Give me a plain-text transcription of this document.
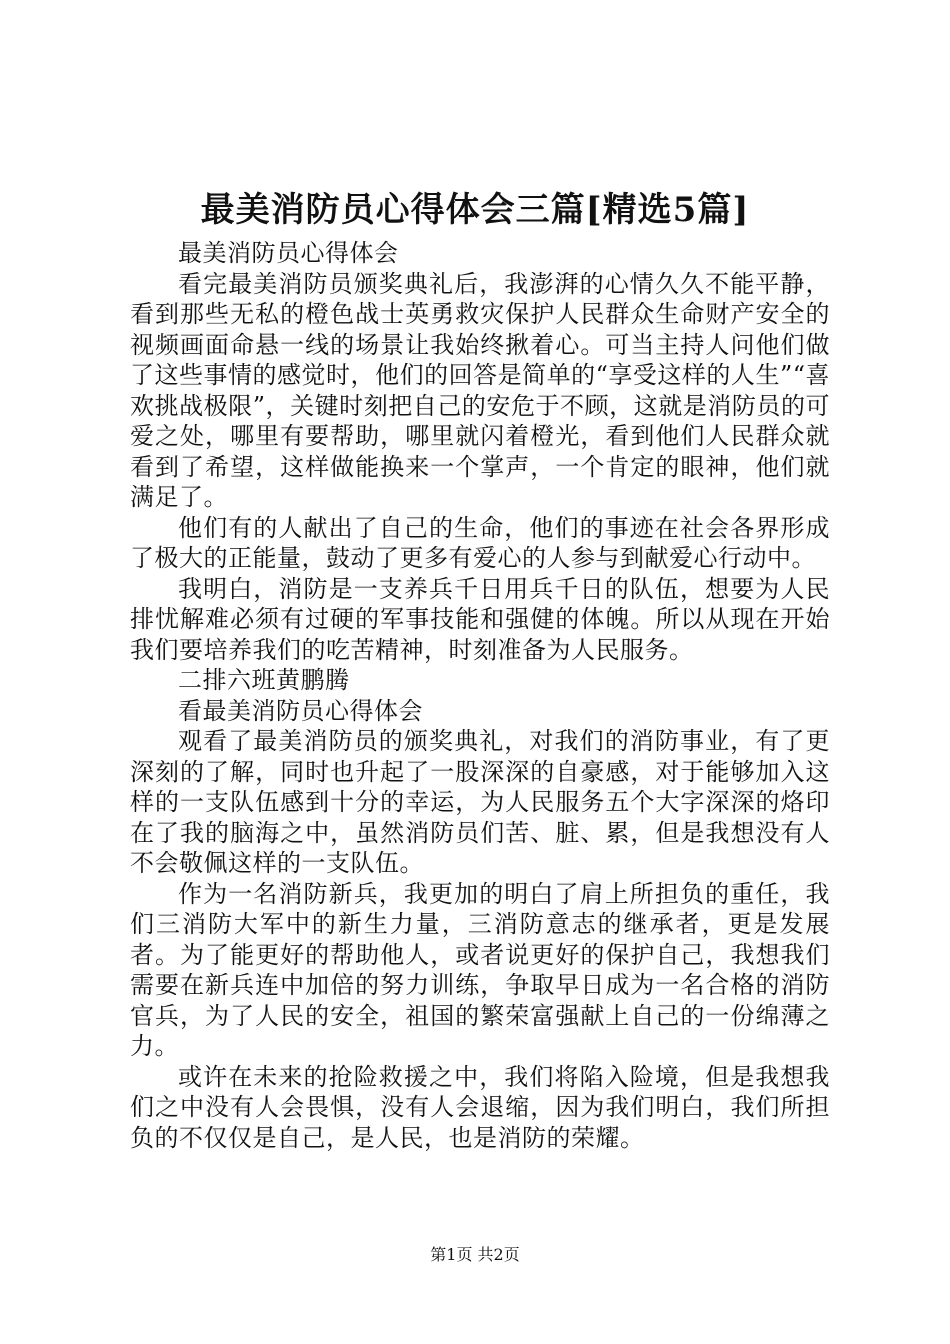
最美消防员心得体会三篇[精选5篇]

最美消防员心得体会

看完最美消防员颁奖典礼后，我澎湃的心情久久不能平静，看到那些无私的橙色战士英勇救灾保护人民群众生命财产安全的视频画面命悬一线的场景让我始终揪着心。可当主持人问他们做了这些事情的感觉时，他们的回答是简单的“享受这样的人生”“喜欢挑战极限”，关键时刻把自己的安危于不顾，这就是消防员的可爱之处，哪里有要帮助，哪里就闪着橙光，看到他们人民群众就看到了希望，这样做能换来一个掌声，一个肯定的眼神，他们就满足了。

他们有的人献出了自己的生命，他们的事迹在社会各界形成了极大的正能量，鼓动了更多有爱心的人参与到献爱心行动中。

我明白，消防是一支养兵千日用兵千日的队伍，想要为人民排忧解难必须有过硬的军事技能和强健的体魄。所以从现在开始我们要培养我们的吃苦精神，时刻准备为人民服务。

二排六班黄鹏腾

看最美消防员心得体会

观看了最美消防员的颁奖典礼，对我们的消防事业，有了更深刻的了解，同时也升起了一股深深的自豪感，对于能够加入这样的一支队伍感到十分的幸运，为人民服务五个大字深深的烙印在了我的脑海之中，虽然消防员们苦、脏、累，但是我想没有人不会敬佩这样的一支队伍。

作为一名消防新兵，我更加的明白了肩上所担负的重任，我们三消防大军中的新生力量，三消防意志的继承者，更是发展者。为了能更好的帮助他人，或者说更好的保护自己，我想我们需要在新兵连中加倍的努力训练，争取早日成为一名合格的消防官兵，为了人民的安全，祖国的繁荣富强献上自己的一份绵薄之力。

或许在未来的抢险救援之中，我们将陷入险境，但是我想我们之中没有人会畏惧，没有人会退缩，因为我们明白，我们所担负的不仅仅是自己，是人民，也是消防的荣耀。

第1页 共2页
